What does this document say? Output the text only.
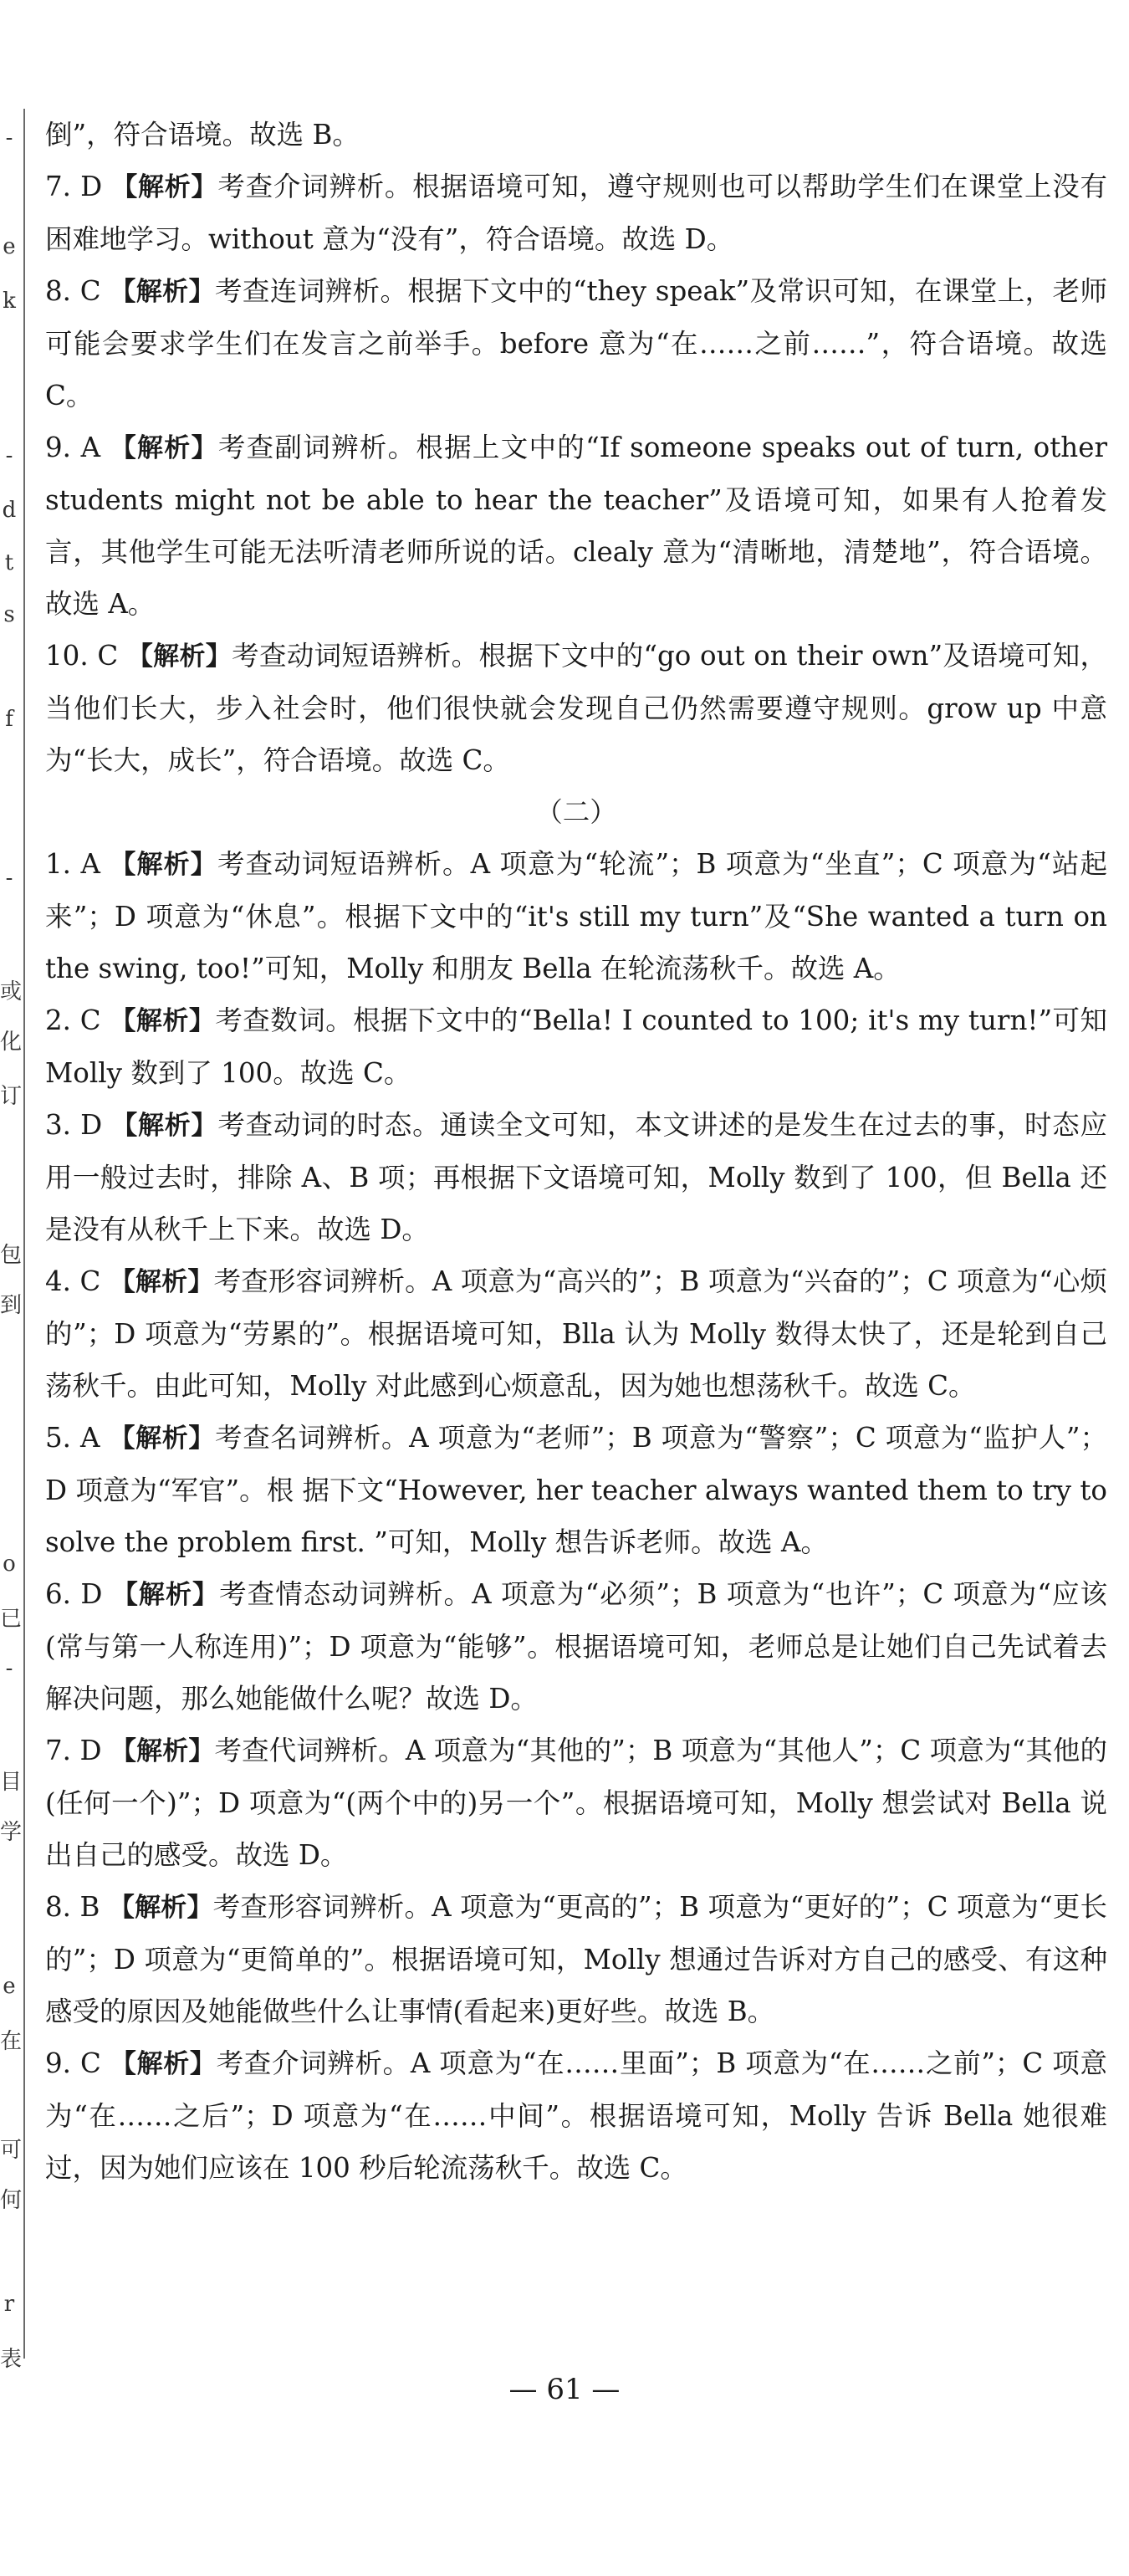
-
e
k
-
d
t
s
f
-
或
化
订
包
到
o
已
-
目
学
e
在
可
何
r
表

倒”，符合语境。故选 B。

7. D 【解析】考查介词辨析。根据语境可知，遵守规则也可以帮助学生们在课堂上没有困难地学习。without 意为“没有”，符合语境。故选 D。

8. C 【解析】考查连词辨析。根据下文中的“they speak”及常识可知，在课堂上，老师可能会要求学生们在发言之前举手。before 意为“在……之前……”，符合语境。故选 C。

9. A 【解析】考查副词辨析。根据上文中的“If someone speaks out of turn, other students might not be able to hear the teacher”及语境可知，如果有人抢着发言，其他学生可能无法听清老师所说的话。clealy 意为“清晰地，清楚地”，符合语境。故选 A。

10. C 【解析】考查动词短语辨析。根据下文中的“go out on their own”及语境可知，当他们长大，步入社会时，他们很快就会发现自己仍然需要遵守规则。grow up 中意为“长大，成长”，符合语境。故选 C。

（二）

1. A 【解析】考查动词短语辨析。A 项意为“轮流”；B 项意为“坐直”；C 项意为“站起来”；D 项意为“休息”。根据下文中的“it's still my turn”及“She wanted a turn on the swing, too!”可知，Molly 和朋友 Bella 在轮流荡秋千。故选 A。

2. C 【解析】考查数词。根据下文中的“Bella! I counted to 100; it's my turn!”可知 Molly 数到了 100。故选 C。

3. D 【解析】考查动词的时态。通读全文可知，本文讲述的是发生在过去的事，时态应用一般过去时，排除 A、B 项；再根据下文语境可知，Molly 数到了 100，但 Bella 还是没有从秋千上下来。故选 D。

4. C 【解析】考查形容词辨析。A 项意为“高兴的”；B 项意为“兴奋的”；C 项意为“心烦的”；D 项意为“劳累的”。根据语境可知，Blla 认为 Molly 数得太快了，还是轮到自己荡秋千。由此可知，Molly 对此感到心烦意乱，因为她也想荡秋千。故选 C。

5. A 【解析】考查名词辨析。A 项意为“老师”；B 项意为“警察”；C 项意为“监护人”；D 项意为“军官”。根 据下文“However, her teacher always wanted them to try to solve the problem first. ”可知，Molly 想告诉老师。故选 A。

6. D 【解析】考查情态动词辨析。A 项意为“必须”；B 项意为“也许”；C 项意为“应该(常与第一人称连用)”；D 项意为“能够”。根据语境可知，老师总是让她们自己先试着去解决问题，那么她能做什么呢？故选 D。

7. D 【解析】考查代词辨析。A 项意为“其他的”；B 项意为“其他人”；C 项意为“其他的(任何一个)”；D 项意为“(两个中的)另一个”。根据语境可知，Molly 想尝试对 Bella 说出自己的感受。故选 D。

8. B 【解析】考查形容词辨析。A 项意为“更高的”；B 项意为“更好的”；C 项意为“更长的”；D 项意为“更简单的”。根据语境可知，Molly 想通过告诉对方自己的感受、有这种感受的原因及她能做些什么让事情(看起来)更好些。故选 B。

9. C 【解析】考查介词辨析。A 项意为“在……里面”；B 项意为“在……之前”；C 项意为“在……之后”；D 项意为“在……中间”。根据语境可知，Molly 告诉 Bella 她很难过，因为她们应该在 100 秒后轮流荡秋千。故选 C。

— 61 —
